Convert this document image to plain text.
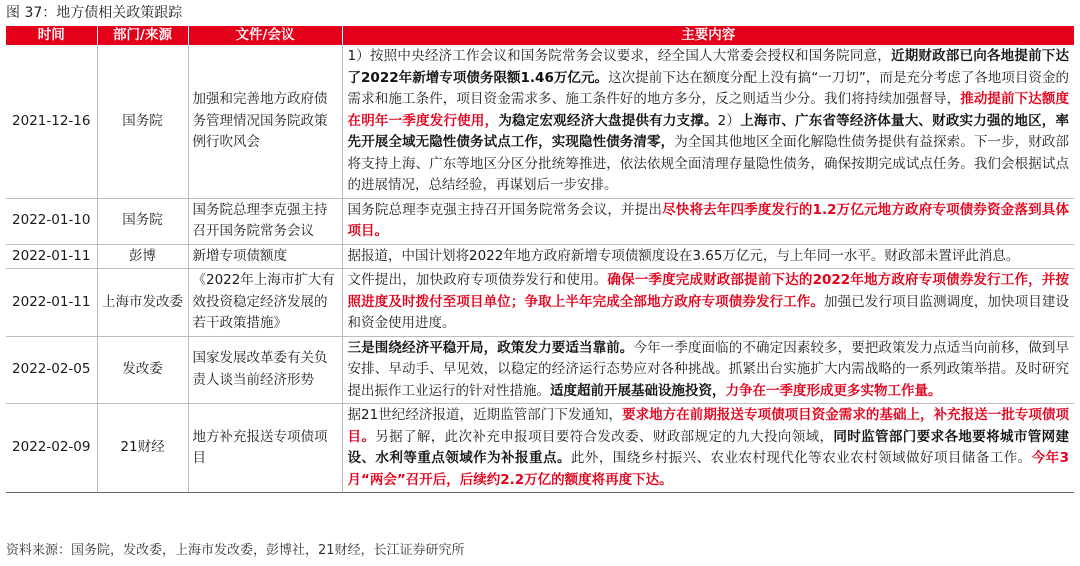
图 37：地方债相关政策跟踪
时间	部门/来源	文件/会议	主要内容
2021-12-16	国务院	加强和完善地方政府债务管理情况国务院政策例行吹风会	1）按照中央经济工作会议和国务院常务会议要求，经全国人大常委会授权和国务院同意，近期财政部已向各地提前下达了2022年新增专项债务限额1.46万亿元。这次提前下达在额度分配上没有搞“一刀切”，而是充分考虑了各地项目资金的需求和施工条件，项目资金需求多、施工条件好的地方多分，反之则适当少分。我们将持续加强督导，推动提前下达额度在明年一季度发行使用，为稳定宏观经济大盘提供有力支撑。2）上海市、广东省等经济体量大、财政实力强的地区，率先开展全域无隐性债务试点工作，实现隐性债务清零，为全国其他地区全面化解隐性债务提供有益探索。下一步，财政部将支持上海、广东等地区分区分批统筹推进，依法依规全面清理存量隐性债务，确保按期完成试点任务。我们会根据试点的进展情况，总结经验，再谋划后一步安排。
2022-01-10	国务院	国务院总理李克强主持召开国务院常务会议	国务院总理李克强主持召开国务院常务会议，并提出尽快将去年四季度发行的1.2万亿元地方政府专项债券资金落到具体项目。
2022-01-11	彭博	新增专项债额度	据报道，中国计划将2022年地方政府新增专项债额度设在3.65万亿元，与上年同一水平。财政部未置评此消息。
2022-01-11	上海市发改委	《2022年上海市扩大有效投资稳定经济发展的若干政策措施》	文件提出，加快政府专项债券发行和使用。确保一季度完成财政部提前下达的2022年地方政府专项债券发行工作，并按照进度及时拨付至项目单位；争取上半年完成全部地方政府专项债券发行工作。加强已发行项目监测调度，加快项目建设和资金使用进度。
2022-02-05	发改委	国家发展改革委有关负责人谈当前经济形势	三是围绕经济平稳开局，政策发力要适当靠前。今年一季度面临的不确定因素较多，要把政策发力点适当向前移，做到早安排、早动手、早见效，以稳定的经济运行态势应对各种挑战。抓紧出台实施扩大内需战略的一系列政策举措。及时研究提出振作工业运行的针对性措施。适度超前开展基础设施投资，力争在一季度形成更多实物工作量。
2022-02-09	21财经	地方补充报送专项债项目	据21世纪经济报道，近期监管部门下发通知，要求地方在前期报送专项债项目资金需求的基础上，补充报送一批专项债项目。另据了解，此次补充申报项目要符合发改委、财政部规定的九大投向领域，同时监管部门要求各地要将城市管网建设、水利等重点领域作为补报重点。此外，围绕乡村振兴、农业农村现代化等农业农村领域做好项目储备工作。今年3月“两会”召开后，后续约2.2万亿的额度将再度下达。
资料来源：国务院，发改委，上海市发改委，彭博社，21财经，长江证券研究所
